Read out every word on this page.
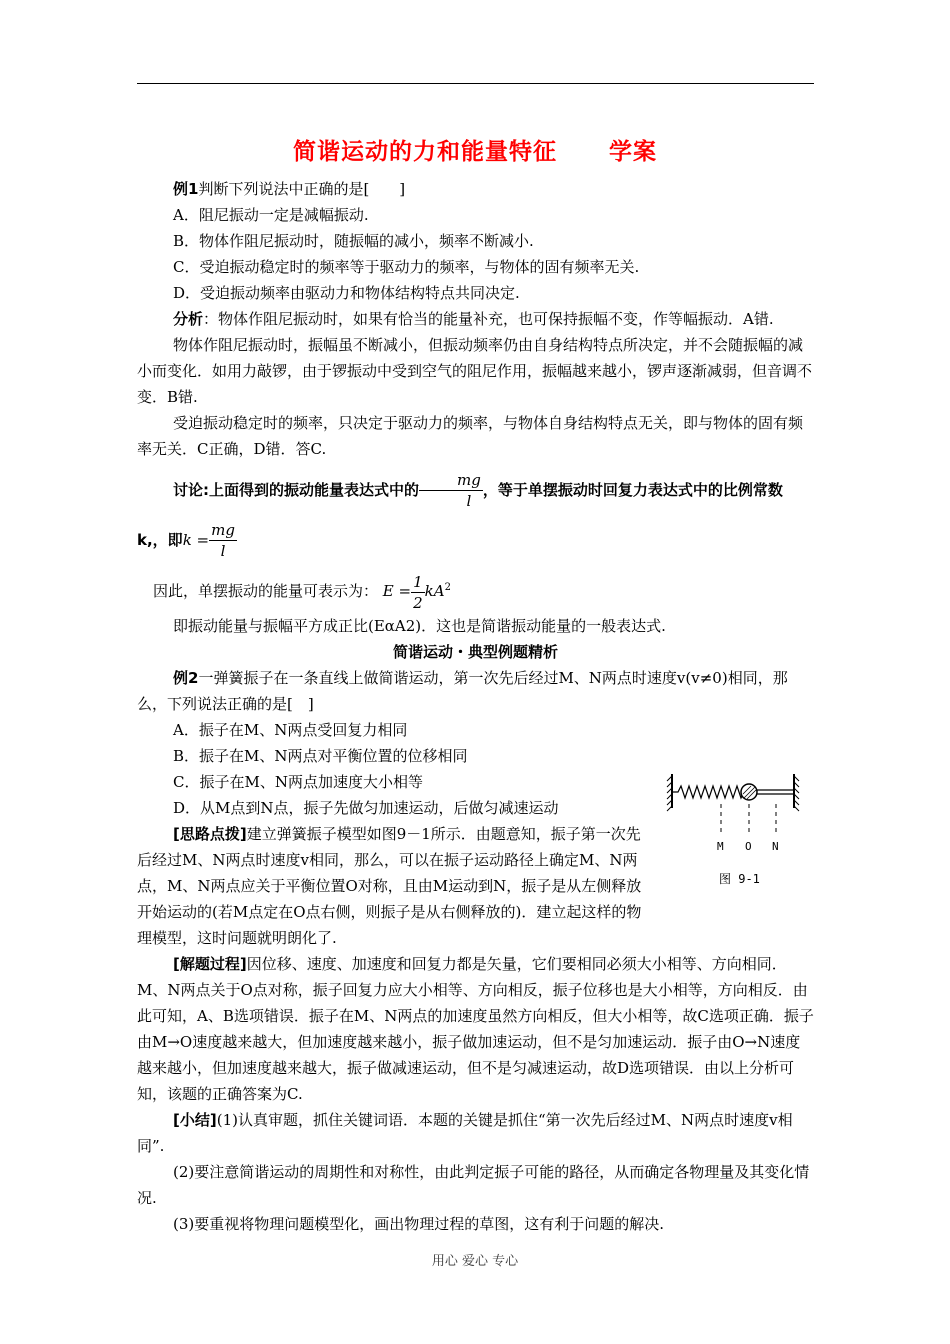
简谐运动的力和能量特征 学案

例1判断下列说法中正确的是[　　]

A．阻尼振动一定是减幅振动.

B．物体作阻尼振动时，随振幅的减小，频率不断减小.

C．受迫振动稳定时的频率等于驱动力的频率，与物体的固有频率无关.

D．受迫振动频率由驱动力和物体结构特点共同决定.

分析：物体作阻尼振动时，如果有恰当的能量补充，也可保持振幅不变，作等幅振动．A错.

物体作阻尼振动时，振幅虽不断减小，但振动频率仍由自身结构特点所决定，并不会随振幅的减小而变化．如用力敲锣，由于锣振动中受到空气的阻尼作用，振幅越来越小，锣声逐渐减弱，但音调不变．B错.

受迫振动稳定时的频率，只决定于驱动力的频率，与物体自身结构特点无关，即与物体的固有频率无关．C正确，D错．答C.

讨论:上面得到的振动能量表达式中的 $\frac{mg}{l}$ ，等于单摆振动时回复力表达式中的比例常数

k,，即$k = \frac{mg}{l}$

因此，单摆振动的能量可表示为： $E = \frac{1}{2} kA^2$

即振动能量与振幅平方成正比(EαA2)．这也是简谐振动能量的一般表达式.

简谐运动・典型例题精析

例2一弹簧振子在一条直线上做简谐运动，第一次先后经过M、N两点时速度v(v≠0)相同，那么，下列说法正确的是[　]

A．振子在M、N两点受回复力相同

B．振子在M、N两点对平衡位置的位移相同

C．振子在M、N两点加速度大小相等

D．从M点到N点，振子先做匀加速运动，后做匀减速运动

[思路点拨]建立弹簧振子模型如图9－1所示．由题意知，振子第一次先后经过M、N两点时速度v相同，那么，可以在振子运动路径上确定M、N两点，M、N两点应关于平衡位置O对称，且由M运动到N，振子是从左侧释放开始运动的(若M点定在O点右侧，则振子是从右侧释放的)．建立起这样的物理模型，这时问题就明朗化了.

[解题过程]因位移、速度、加速度和回复力都是矢量，它们要相同必须大小相等、方向相同．M、N两点关于O点对称，振子回复力应大小相等、方向相反，振子位移也是大小相等，方向相反．由此可知，A、B选项错误．振子在M、N两点的加速度虽然方向相反，但大小相等，故C选项正确．振子由M→O速度越来越大，但加速度越来越小，振子做加速运动，但不是匀加速运动．振子由O→N速度越来越小，但加速度越来越大，振子做减速运动，但不是匀减速运动，故D选项错误．由以上分析可知，该题的正确答案为C.

[小结](1)认真审题，抓住关键词语．本题的关键是抓住“第一次先后经过M、N两点时速度v相同”.

(2)要注意简谐运动的周期性和对称性，由此判定振子可能的路径，从而确定各物理量及其变化情况.

(3)要重视将物理问题模型化，画出物理过程的草图，这有利于问题的解决.

M O N
图 9-1
用心 爱心 专心
